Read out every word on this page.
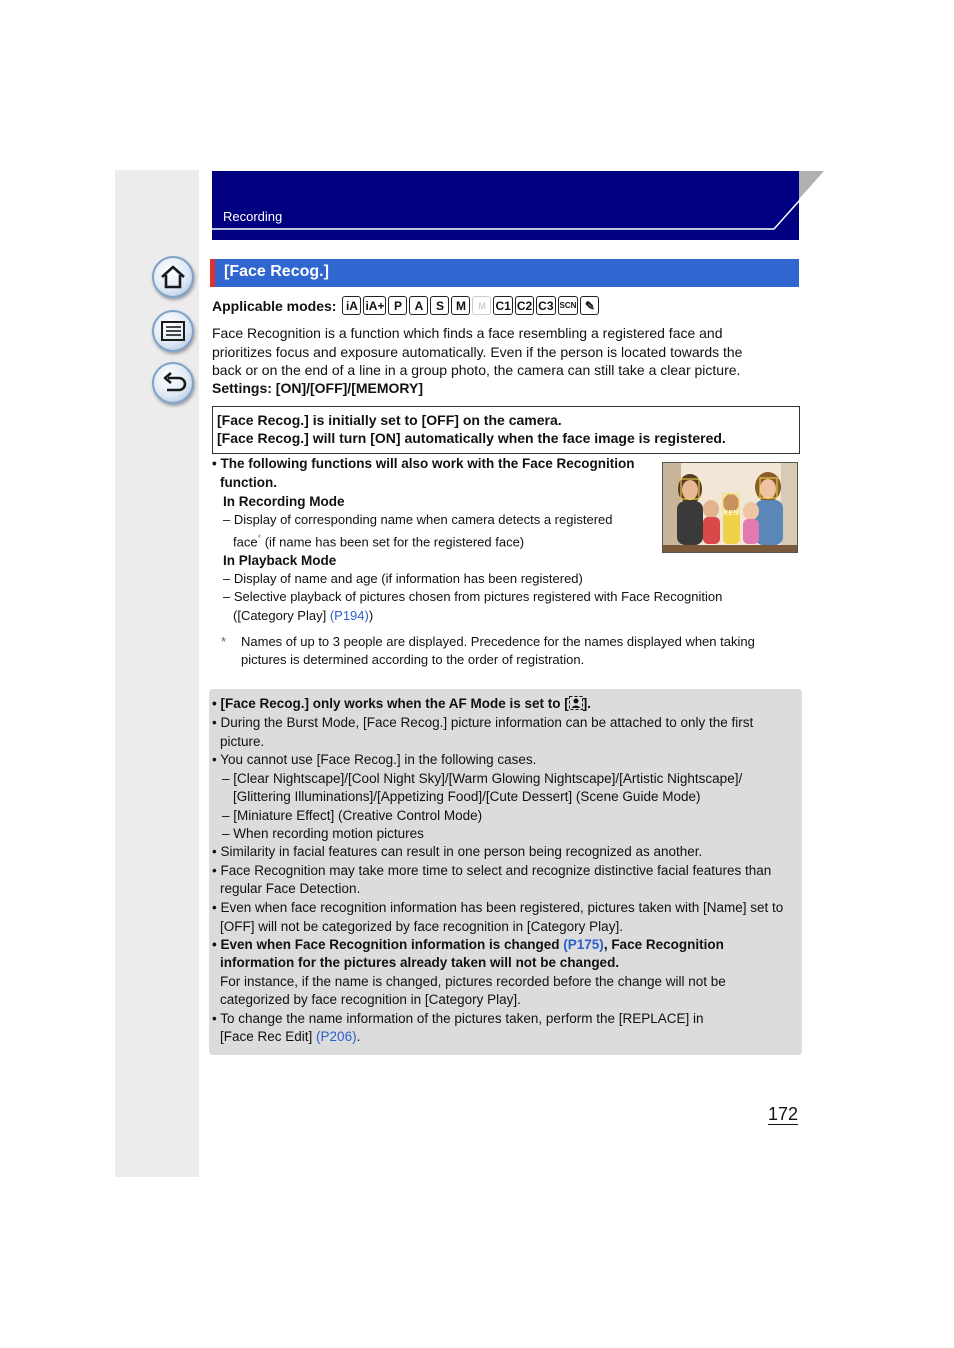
Recording
[Face Recog.]
Applicable modes: iA iA+ P	A	S	M	M C1 C2 C3 SCN ✎
Face Recognition is a function which finds a face resembling a registered face and
prioritizes focus and exposure automatically. Even if the person is located towards the
back or on the end of a line in a group photo, the camera can still take a clear picture.
Settings: [ON]/[OFF]/[MEMORY]
[Face Recog.] is initially set to [OFF] on the camera.
[Face Recog.] will turn [ON] automatically when the face image is registered.
• The following functions will also work with the Face Recognition
function.
In Recording Mode
– Display of corresponding name when camera detects a registered
face* (if name has been set for the registered face)
In Playback Mode
– Display of name and age (if information has been registered)
– Selective playback of pictures chosen from pictures registered with Face Recognition
([Category Play] (P194))
KEN
* Names of up to 3 people are displayed. Precedence for the names displayed when taking
pictures is determined according to the order of registration.
• [Face Recog.] only works when the AF Mode is set to [ ].
• During the Burst Mode, [Face Recog.] picture information can be attached to only the first
picture.
• You cannot use [Face Recog.] in the following cases.
– [Clear Nightscape]/[Cool Night Sky]/[Warm Glowing Nightscape]/[Artistic Nightscape]/
[Glittering Illuminations]/[Appetizing Food]/[Cute Dessert] (Scene Guide Mode)
– [Miniature Effect] (Creative Control Mode)
– When recording motion pictures
• Similarity in facial features can result in one person being recognized as another.
• Face Recognition may take more time to select and recognize distinctive facial features than
regular Face Detection.
• Even when face recognition information has been registered, pictures taken with [Name] set to
[OFF] will not be categorized by face recognition in [Category Play].
• Even when Face Recognition information is changed (P175), Face Recognition
information for the pictures already taken will not be changed.
For instance, if the name is changed, pictures recorded before the change will not be
categorized by face recognition in [Category Play].
• To change the name information of the pictures taken, perform the [REPLACE] in
[Face Rec Edit] (P206).
172
